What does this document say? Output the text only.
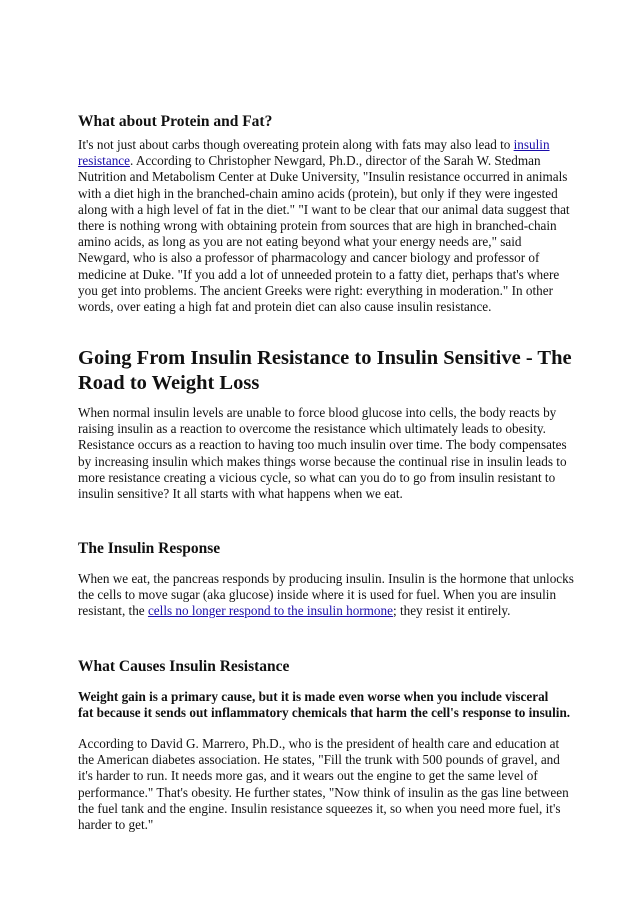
What about Protein and Fat?
It's not just about carbs though overeating protein along with fats may also lead to insulin
resistance. According to Christopher Newgard, Ph.D., director of the Sarah W. Stedman
Nutrition and Metabolism Center at Duke University, "Insulin resistance occurred in animals
with a diet high in the branched-chain amino acids (protein), but only if they were ingested
along with a high level of fat in the diet." "I want to be clear that our animal data suggest that
there is nothing wrong with obtaining protein from sources that are high in branched-chain
amino acids, as long as you are not eating beyond what your energy needs are," said
Newgard, who is also a professor of pharmacology and cancer biology and professor of
medicine at Duke. "If you add a lot of unneeded protein to a fatty diet, perhaps that's where
you get into problems. The ancient Greeks were right: everything in moderation." In other
words, over eating a high fat and protein diet can also cause insulin resistance.
Going From Insulin Resistance to Insulin Sensitive - The
Road to Weight Loss
When normal insulin levels are unable to force blood glucose into cells, the body reacts by
raising insulin as a reaction to overcome the resistance which ultimately leads to obesity.
Resistance occurs as a reaction to having too much insulin over time. The body compensates
by increasing insulin which makes things worse because the continual rise in insulin leads to
more resistance creating a vicious cycle, so what can you do to go from insulin resistant to
insulin sensitive? It all starts with what happens when we eat.
The Insulin Response
When we eat, the pancreas responds by producing insulin. Insulin is the hormone that unlocks
the cells to move sugar (aka glucose) inside where it is used for fuel. When you are insulin
resistant, the cells no longer respond to the insulin hormone; they resist it entirely.
What Causes Insulin Resistance
Weight gain is a primary cause, but it is made even worse when you include visceral
fat because it sends out inflammatory chemicals that harm the cell's response to insulin.
According to David G. Marrero, Ph.D., who is the president of health care and education at
the American diabetes association. He states, "Fill the trunk with 500 pounds of gravel, and
it's harder to run. It needs more gas, and it wears out the engine to get the same level of
performance." That's obesity. He further states, "Now think of insulin as the gas line between
the fuel tank and the engine. Insulin resistance squeezes it, so when you need more fuel, it's
harder to get."
